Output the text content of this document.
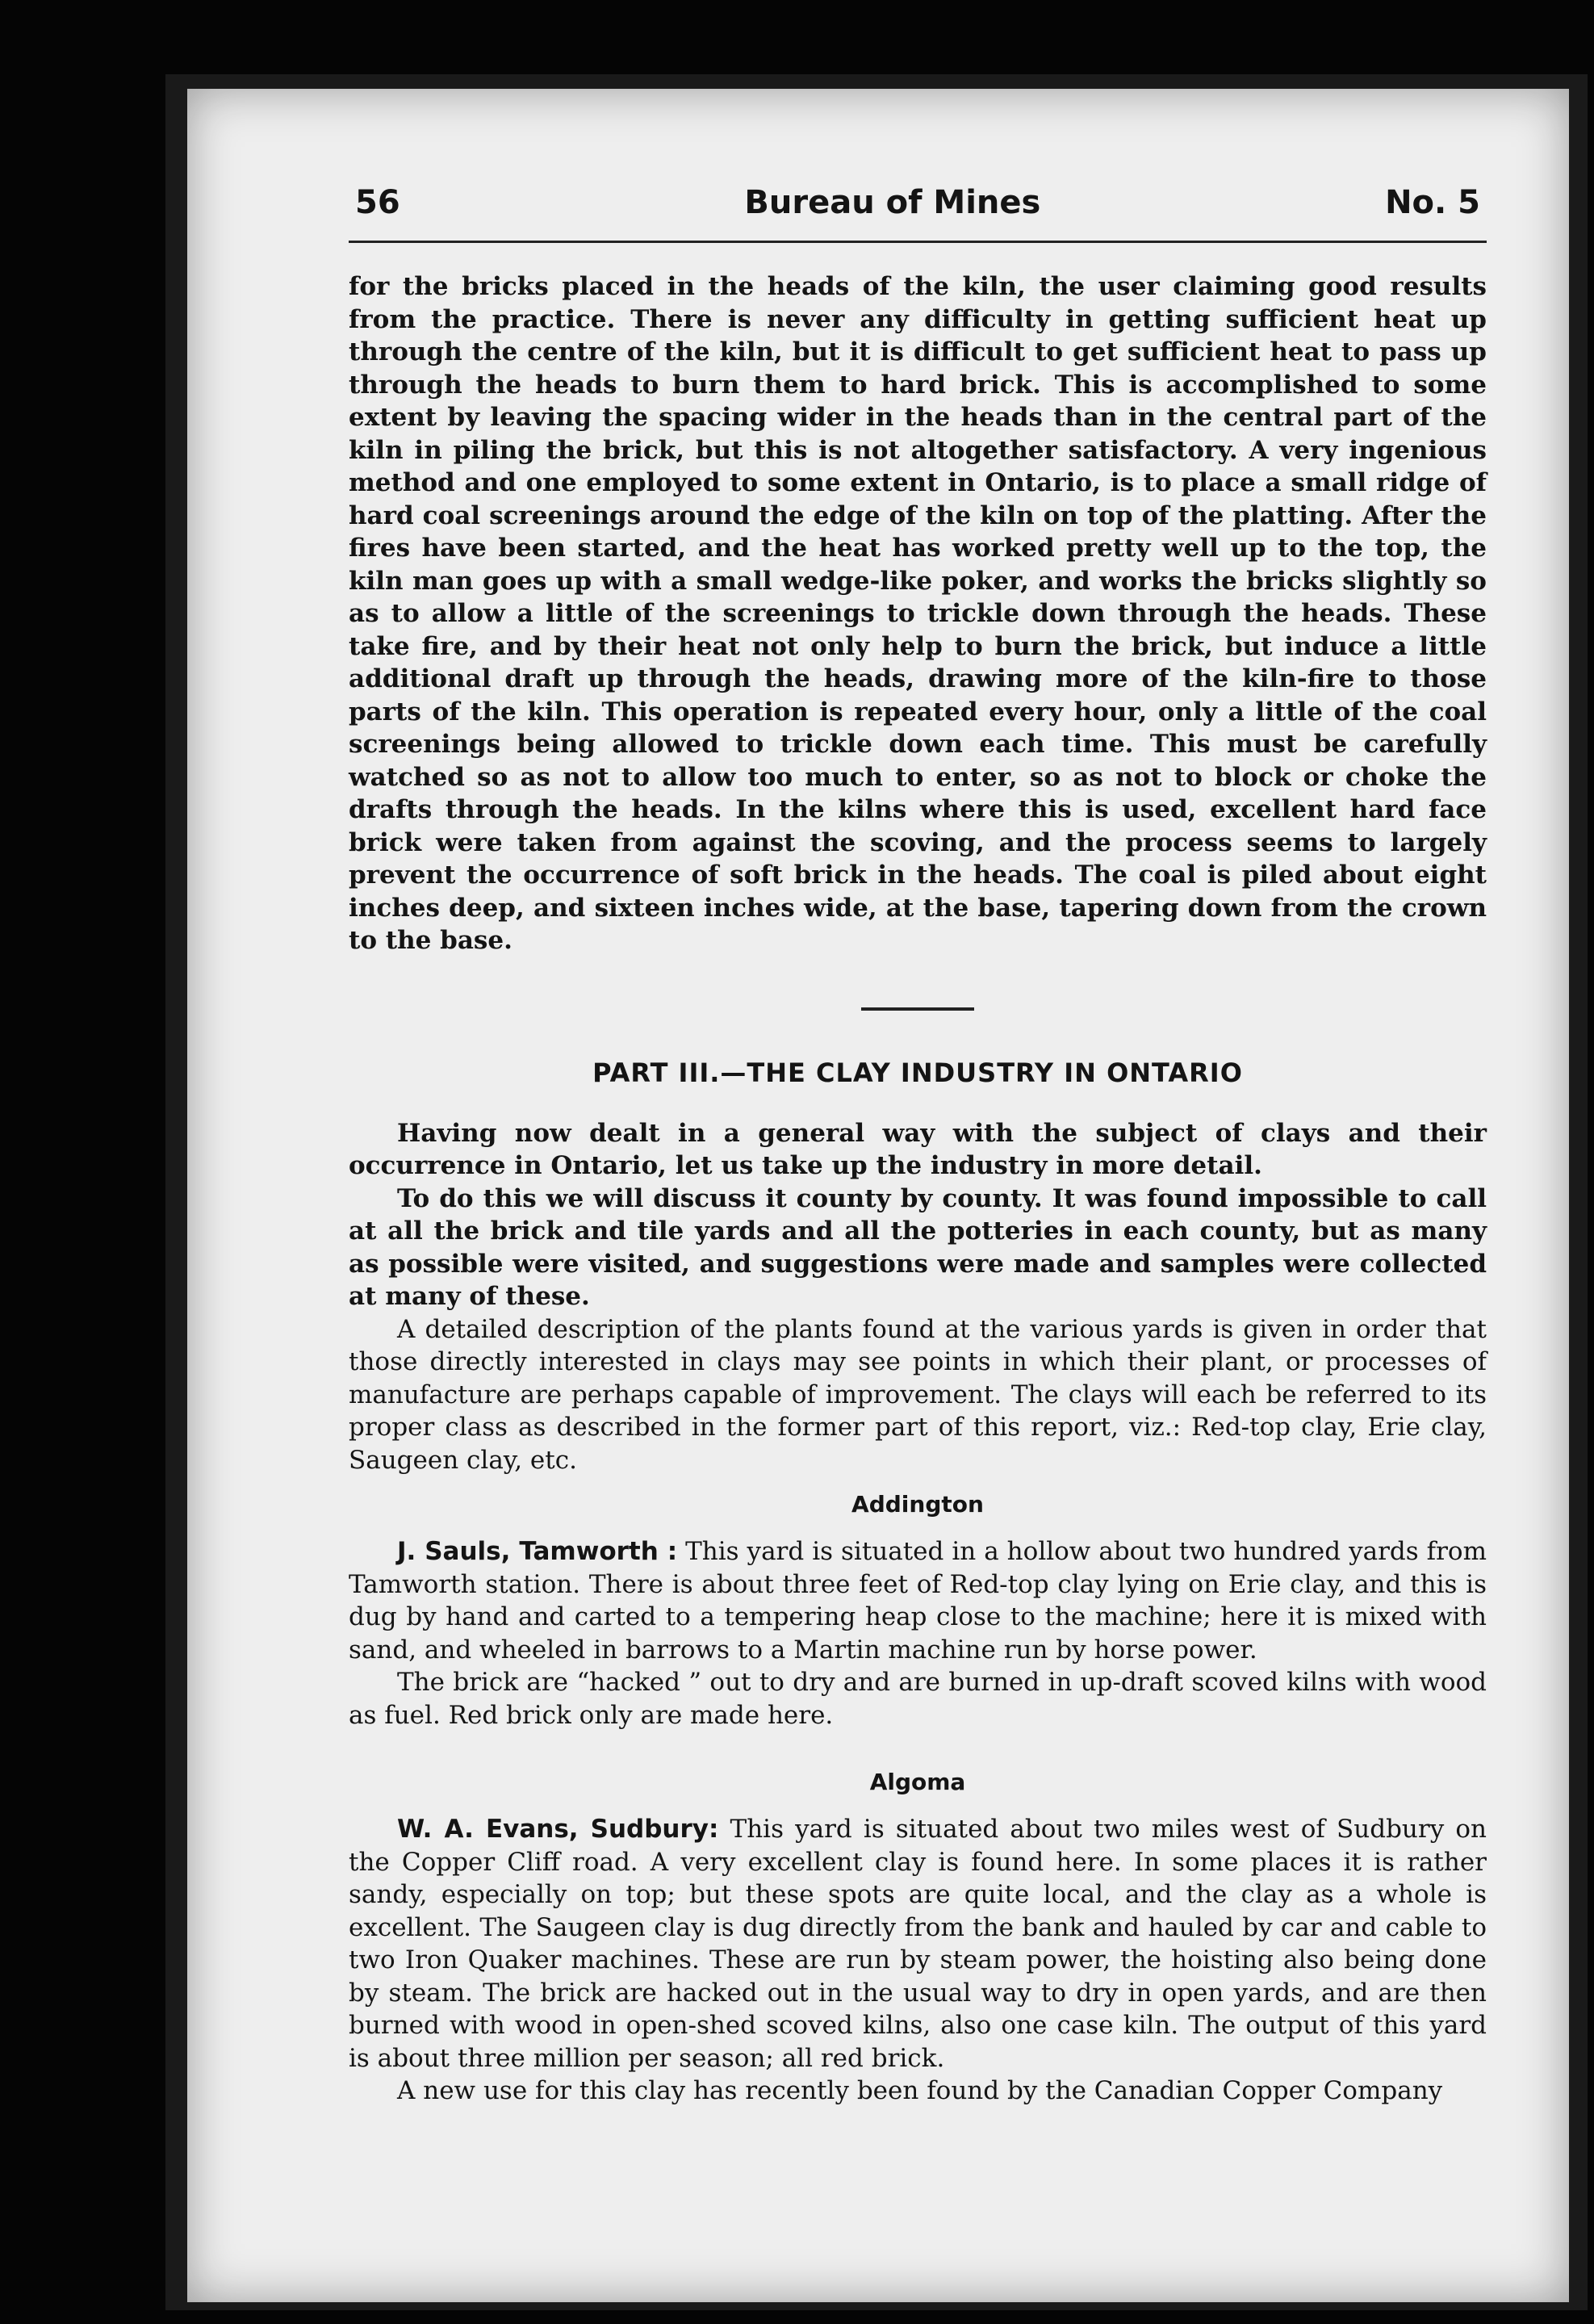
56	Bureau of Mines	No. 5

for the bricks placed in the heads of the kiln, the user claiming good results from the practice. There is never any difficulty in getting sufficient heat up through the centre of the kiln, but it is difficult to get sufficient heat to pass up through the heads to burn them to hard brick. This is accomplished to some extent by leaving the spacing wider in the heads than in the central part of the kiln in piling the brick, but this is not altogether satisfactory. A very ingenious method and one employed to some extent in Ontario, is to place a small ridge of hard coal screenings around the edge of the kiln on top of the platting. After the fires have been started, and the heat has worked pretty well up to the top, the kiln man goes up with a small wedge-like poker, and works the bricks slightly so as to allow a little of the screenings to trickle down through the heads. These take fire, and by their heat not only help to burn the brick, but induce a little additional draft up through the heads, drawing more of the kiln-fire to those parts of the kiln. This operation is repeated every hour, only a little of the coal screenings being allowed to trickle down each time. This must be carefully watched so as not to allow too much to enter, so as not to block or choke the drafts through the heads. In the kilns where this is used, excellent hard face brick were taken from against the scoving, and the process seems to largely prevent the occurrence of soft brick in the heads. The coal is piled about eight inches deep, and sixteen inches wide, at the base, tapering down from the crown to the base.

PART III.—THE CLAY INDUSTRY IN ONTARIO

Having now dealt in a general way with the subject of clays and their occurrence in Ontario, let us take up the industry in more detail.

To do this we will discuss it county by county. It was found impossible to call at all the brick and tile yards and all the potteries in each county, but as many as possible were visited, and suggestions were made and samples were collected at many of these.

A detailed description of the plants found at the various yards is given in order that those directly interested in clays may see points in which their plant, or processes of manufacture are perhaps capable of improvement. The clays will each be referred to its proper class as described in the former part of this report, viz.: Red-top clay, Erie clay, Saugeen clay, etc.

Addington

J. Sauls, Tamworth : This yard is situated in a hollow about two hundred yards from Tamworth station. There is about three feet of Red-top clay lying on Erie clay, and this is dug by hand and carted to a tempering heap close to the machine; here it is mixed with sand, and wheeled in barrows to a Martin machine run by horse power.

The brick are “hacked ” out to dry and are burned in up-draft scoved kilns with wood as fuel. Red brick only are made here.

Algoma

W. A. Evans, Sudbury: This yard is situated about two miles west of Sudbury on the Copper Cliff road. A very excellent clay is found here. In some places it is rather sandy, especially on top; but these spots are quite local, and the clay as a whole is excellent. The Saugeen clay is dug directly from the bank and hauled by car and cable to two Iron Quaker machines. These are run by steam power, the hoisting also being done by steam. The brick are hacked out in the usual way to dry in open yards, and are then burned with wood in open-shed scoved kilns, also one case kiln. The output of this yard is about three million per season; all red brick.

A new use for this clay has recently been found by the Canadian Copper Company
